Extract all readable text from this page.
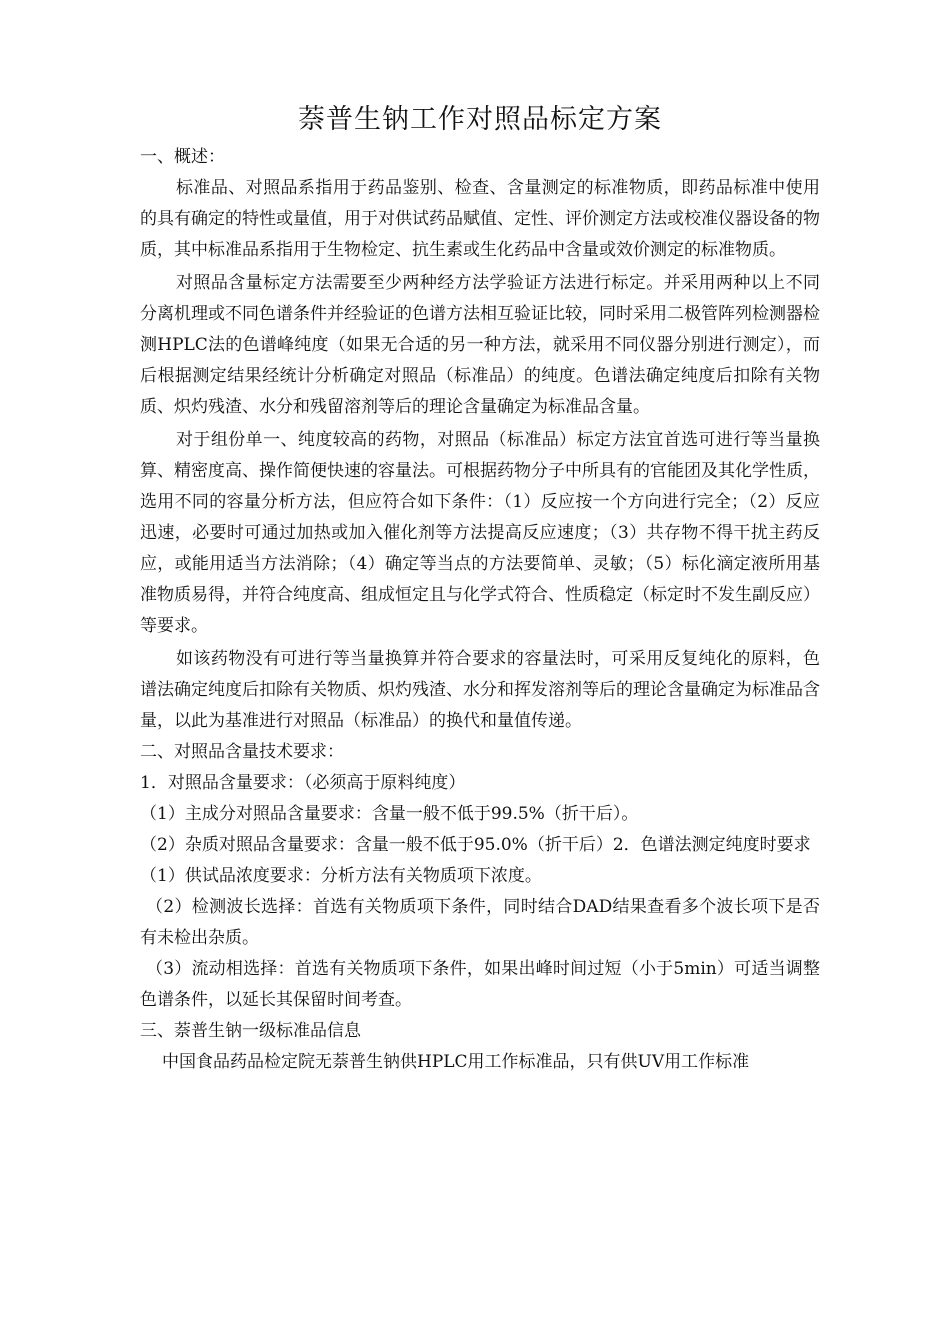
萘普生钠工作对照品标定方案

一、概述：

标准品、对照品系指用于药品鉴别、检查、含量测定的标准物质，即药品标准中使用的具有确定的特性或量值，用于对供试药品赋值、定性、评价测定方法或校准仪器设备的物质，其中标准品系指用于生物检定、抗生素或生化药品中含量或效价测定的标准物质。

对照品含量标定方法需要至少两种经方法学验证方法进行标定。并采用两种以上不同分离机理或不同色谱条件并经验证的色谱方法相互验证比较，同时采用二极管阵列检测器检测HPLC法的色谱峰纯度（如果无合适的另一种方法，就采用不同仪器分别进行测定），而后根据测定结果经统计分析确定对照品（标准品）的纯度。色谱法确定纯度后扣除有关物质、炽灼残渣、水分和残留溶剂等后的理论含量确定为标准品含量。

对于组份单一、纯度较高的药物，对照品（标准品）标定方法宜首选可进行等当量换算、精密度高、操作简便快速的容量法。可根据药物分子中所具有的官能团及其化学性质，选用不同的容量分析方法，但应符合如下条件：（1）反应按一个方向进行完全；（2）反应迅速，必要时可通过加热或加入催化剂等方法提高反应速度；（3）共存物不得干扰主药反应，或能用适当方法消除；（4）确定等当点的方法要简单、灵敏；（5）标化滴定液所用基准物质易得，并符合纯度高、组成恒定且与化学式符合、性质稳定（标定时不发生副反应）等要求。

如该药物没有可进行等当量换算并符合要求的容量法时，可采用反复纯化的原料，色谱法确定纯度后扣除有关物质、炽灼残渣、水分和挥发溶剂等后的理论含量确定为标准品含量，以此为基准进行对照品（标准品）的换代和量值传递。

二、对照品含量技术要求：

1．对照品含量要求：（必须高于原料纯度）

（1）主成分对照品含量要求：含量一般不低于99.5%（折干后）。

（2）杂质对照品含量要求：含量一般不低于95.0%（折干后）2．色谱法测定纯度时要求

（1）供试品浓度要求：分析方法有关物质项下浓度。

（2）检测波长选择：首选有关物质项下条件，同时结合DAD结果查看多个波长项下是否有未检出杂质。

（3）流动相选择：首选有关物质项下条件，如果出峰时间过短（小于5min）可适当调整色谱条件，以延长其保留时间考查。

三、萘普生钠一级标准品信息

中国食品药品检定院无萘普生钠供HPLC用工作标准品，只有供UV用工作标准
